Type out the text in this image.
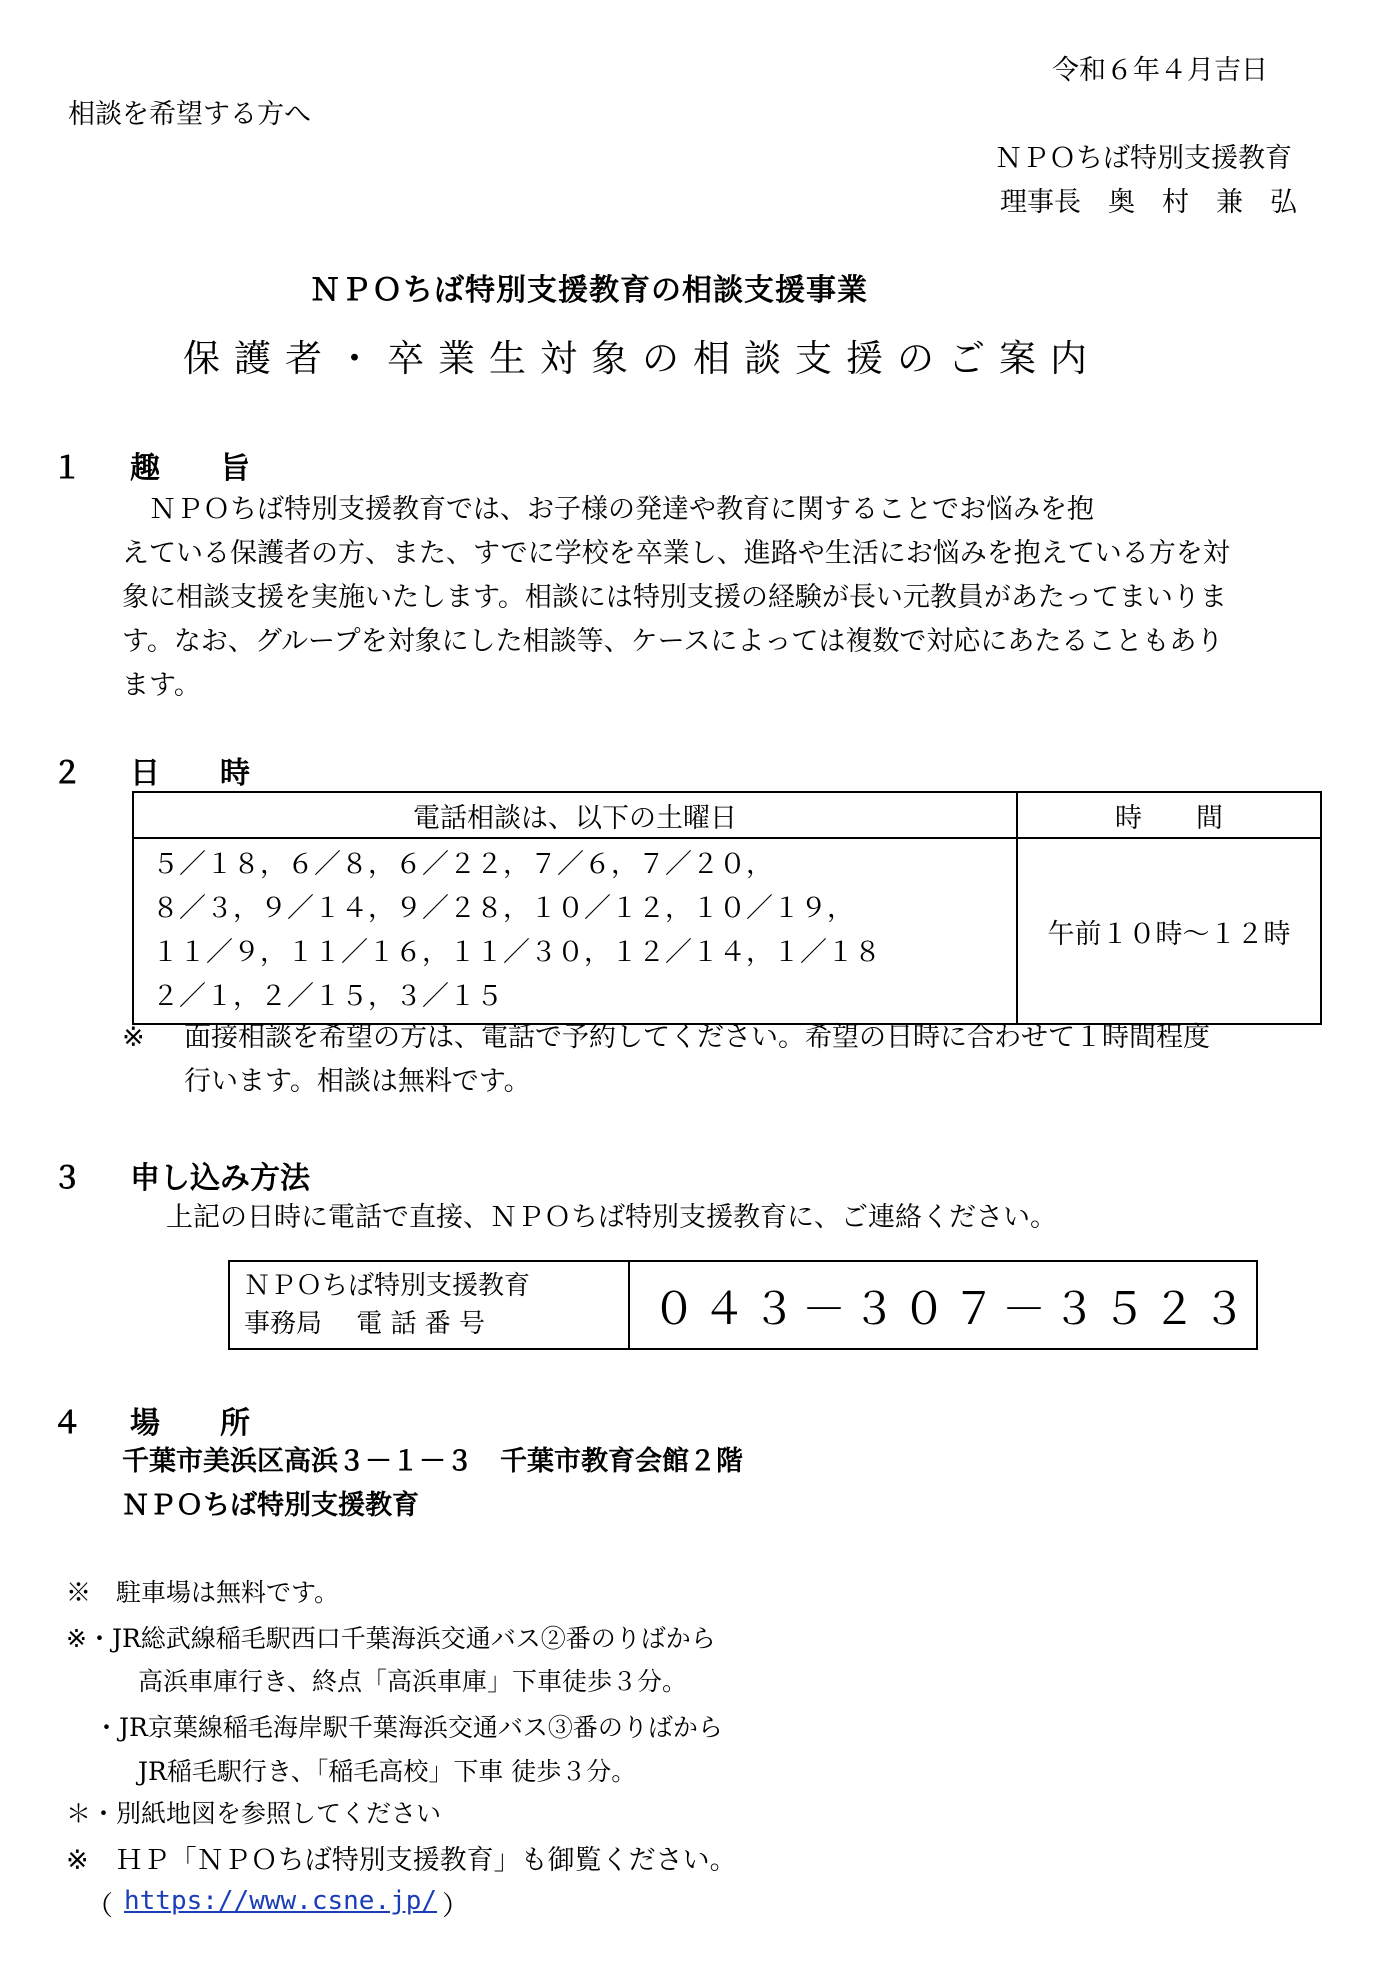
令和６年４月吉日
相談を希望する方へ
ＮＰＯちば特別支援教育
理事長　奥　村　兼　弘
ＮＰＯちば特別支援教育の相談支援事業
保護者・卒業生対象の相談支援のご案内
１ 趣　　旨

　ＮＰＯちば特別支援教育では、お子様の発達や教育に関することでお悩みを抱

えている保護者の方、また、すでに学校を卒業し、進路や生活にお悩みを抱えている方を対

象に相談支援を実施いたします。相談には特別支援の経験が長い元教員があたってまいりま

す。なお、グループを対象にした相談等、ケースによっては複数で対応にあたることもあり

ます。

２ 日　　時
電話相談は、以下の土曜日	時　　間

５／１８，６／８，６／２２，７／６，７／２０，
８／３，９／１４，９／２８，１０／１２，１０／１９，
１１／９，１１／１６，１１／３０，１２／１４，１／１８
２／１，２／１５，３／１５	午前１０時～１２時
※ 面接相談を希望の方は、電話で予約してください。希望の日時に合わせて１時間程度
行います。相談は無料です。
３ 申し込み方法
上記の日時に電話で直接、ＮＰＯちば特別支援教育に、ご連絡ください。
ＮＰＯちば特別支援教育
事務局　 電 話 番 号	０４３－３０７－３５２３
４ 場　　所
千葉市美浜区高浜３－１－３　千葉市教育会館２階
ＮＰＯちば特別支援教育
※　駐車場は無料です。
※・JR総武線稲毛駅西口千葉海浜交通バス②番のりばから
高浜車庫行き、終点「高浜車庫」下車徒歩３分。
・JR京葉線稲毛海岸駅千葉海浜交通バス③番のりばから
JR稲毛駅行き、「稲毛高校」下車 徒歩３分。
＊・別紙地図を参照してください
※　ＨＰ「ＮＰＯちば特別支援教育」も御覧ください。
（ https://www.csne.jp/ ）
